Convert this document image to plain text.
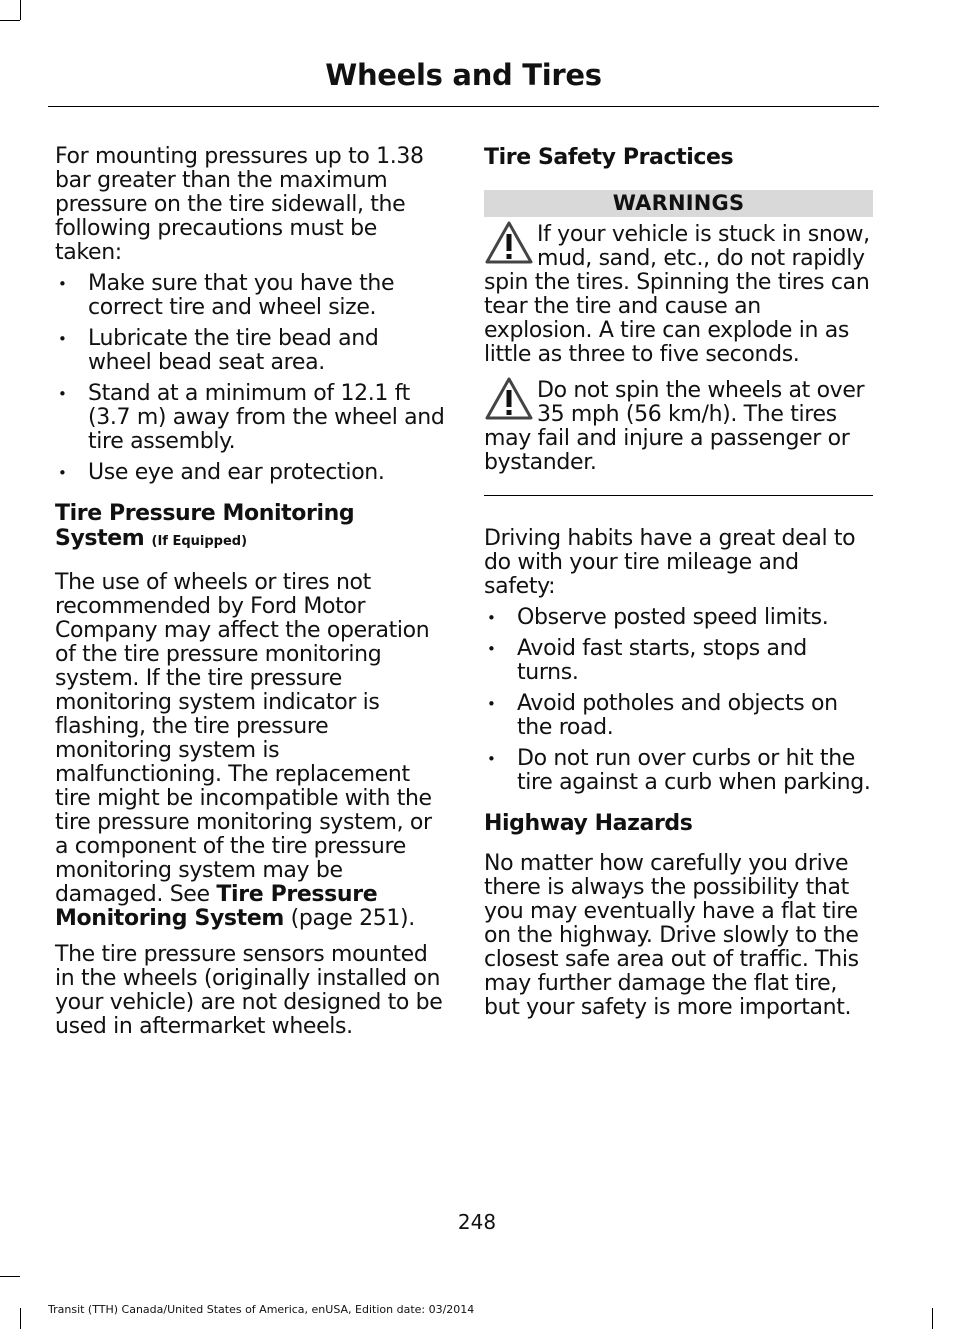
Wheels and Tires

For mounting pressures up to 1.38 bar greater than the maximum pressure on the tire sidewall, the following precautions must be taken:

• Make sure that you have the correct tire and wheel size.
• Lubricate the tire bead and wheel bead seat area.
• Stand at a minimum of 12.1 ft (3.7 m) away from the wheel and tire assembly.
• Use eye and ear protection.
Tire Pressure Monitoring System (If Equipped)

The use of wheels or tires not recommended by Ford Motor Company may affect the operation of the tire pressure monitoring system. If the tire pressure monitoring system indicator is flashing, the tire pressure monitoring system is malfunctioning. The replacement tire might be incompatible with the tire pressure monitoring system, or a component of the tire pressure monitoring system may be damaged. See Tire Pressure Monitoring System (page 251).

The tire pressure sensors mounted in the wheels (originally installed on your vehicle) are not designed to be used in aftermarket wheels.

Tire Safety Practices
WARNINGS

If your vehicle is stuck in snow, mud, sand, etc., do not rapidly spin the tires. Spinning the tires can tear the tire and cause an explosion. A tire can explode in as little as three to five seconds.

Do not spin the wheels at over 35 mph (56 km/h). The tires may fail and injure a passenger or bystander.

Driving habits have a great deal to do with your tire mileage and safety:

• Observe posted speed limits.
• Avoid fast starts, stops and turns.
• Avoid potholes and objects on the road.
• Do not run over curbs or hit the tire against a curb when parking.
Highway Hazards

No matter how carefully you drive there is always the possibility that you may eventually have a flat tire on the highway. Drive slowly to the closest safe area out of traffic. This may further damage the flat tire, but your safety is more important.

248
Transit (TTH) Canada/United States of America, enUSA, Edition date: 03/2014
